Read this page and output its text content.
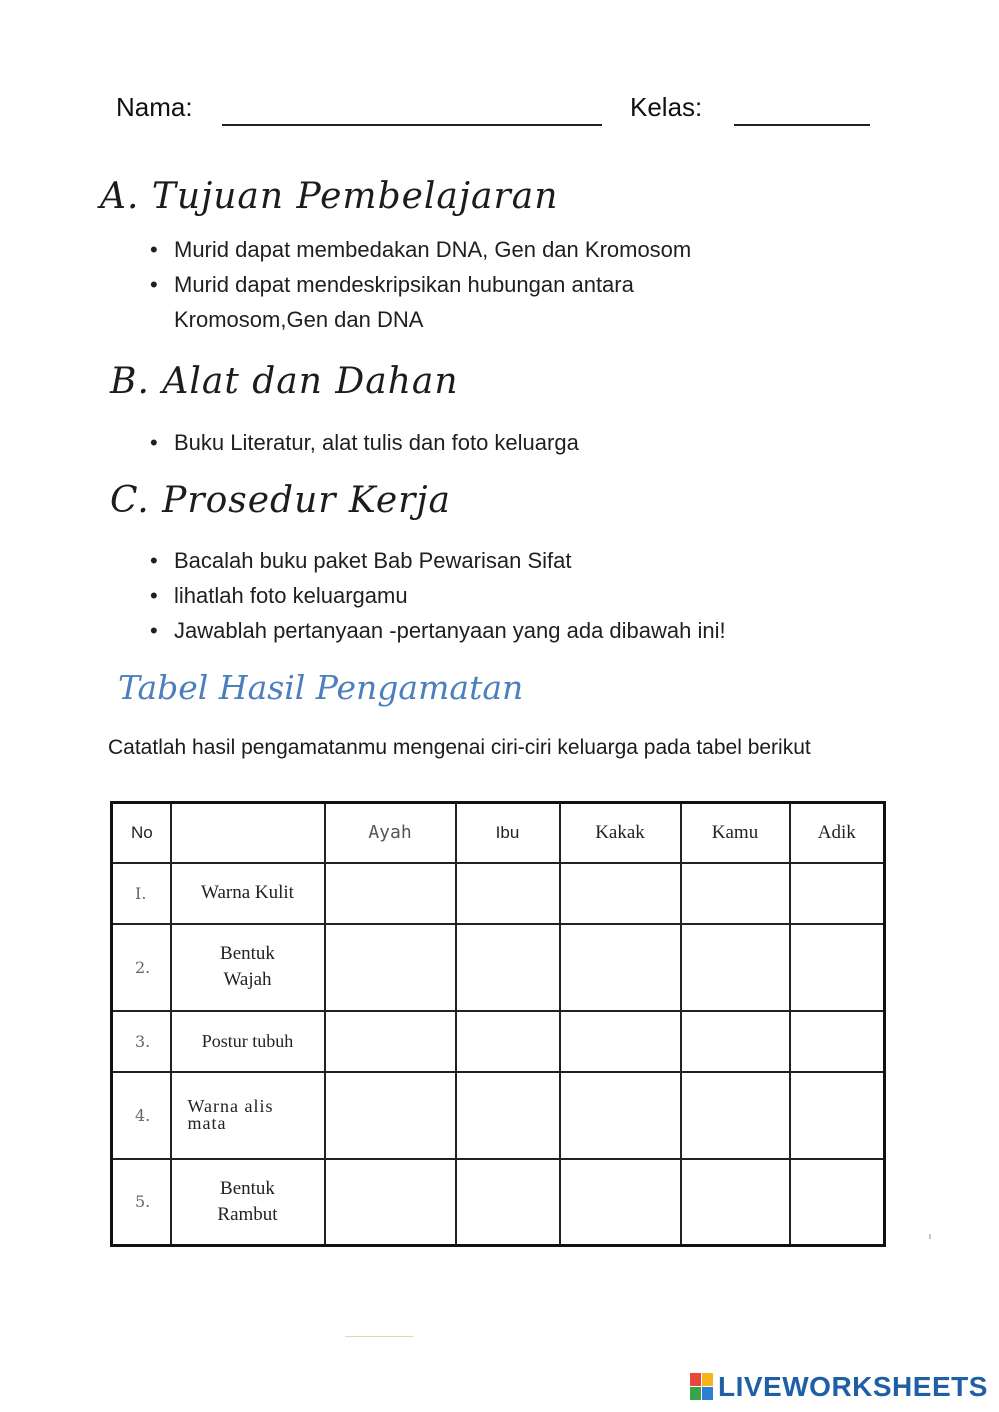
Nama:	Kelas:
A. Tujuan Pembelajaran
• Murid dapat membedakan DNA, Gen dan Kromosom
• Murid dapat mendeskripsikan hubungan antara
Kromosom,Gen dan DNA
B. Alat dan Dahan
• Buku Literatur, alat tulis dan foto keluarga
C. Prosedur Kerja
• Bacalah buku paket Bab Pewarisan Sifat
• lihatlah foto keluargamu
• Jawablah pertanyaan -pertanyaan yang ada dibawah ini!
Tabel Hasil Pengamatan
Catatlah hasil pengamatanmu mengenai ciri-ciri keluarga pada tabel berikut
No		Ayah	Ibu	Kakak	Kamu	Adik
I.	Warna Kulit					
2.	Bentuk Wajah					
3.	Postur tubuh					
4.	Warna alis mata					
5.	Bentuk Rambut					
LIVEWORKSHEETS
